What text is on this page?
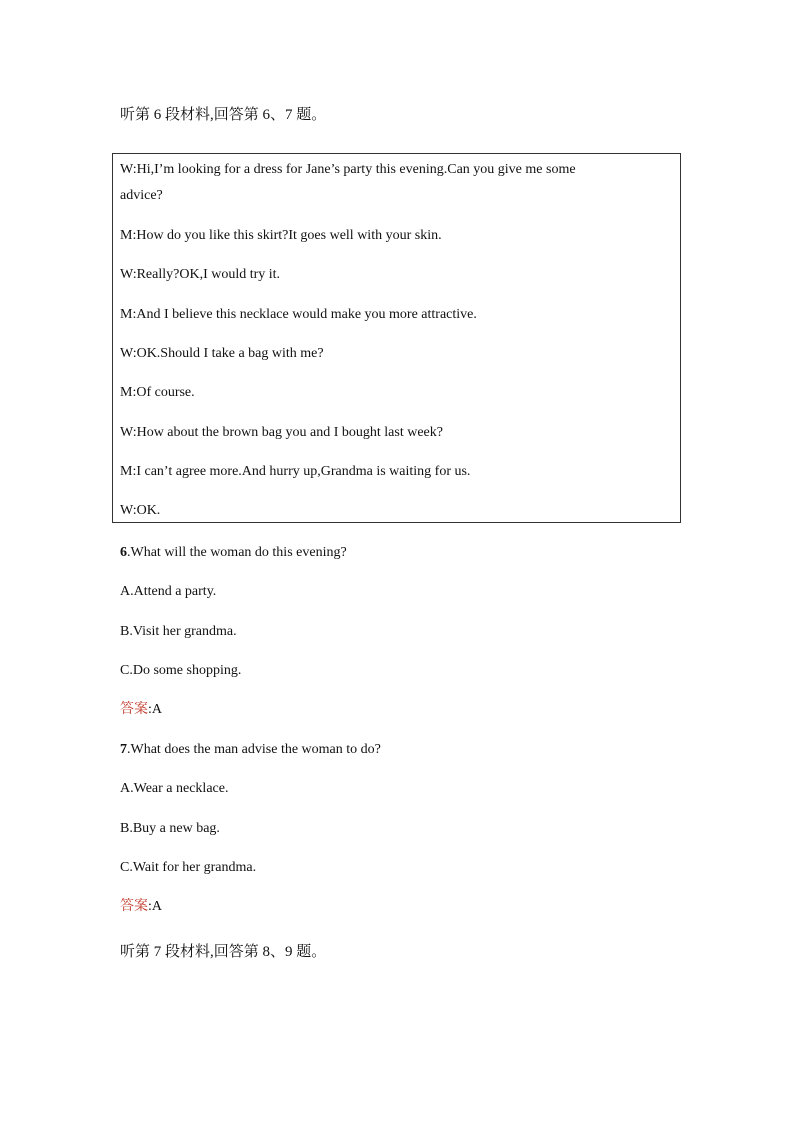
听第 6 段材料,回答第 6、7 题。
W:Hi,I’m looking for a dress for Jane’s party this evening.Can you give me some
advice?
M:How do you like this skirt?It goes well with your skin.
W:Really?OK,I would try it.
M:And I believe this necklace would make you more attractive.
W:OK.Should I take a bag with me?
M:Of course.
W:How about the brown bag you and I bought last week?
M:I can’t agree more.And hurry up,Grandma is waiting for us.
W:OK.
6.What will the woman do this evening?
A.Attend a party.
B.Visit her grandma.
C.Do some shopping.
答案:A
7.What does the man advise the woman to do?
A.Wear a necklace.
B.Buy a new bag.
C.Wait for her grandma.
答案:A
听第 7 段材料,回答第 8、9 题。
